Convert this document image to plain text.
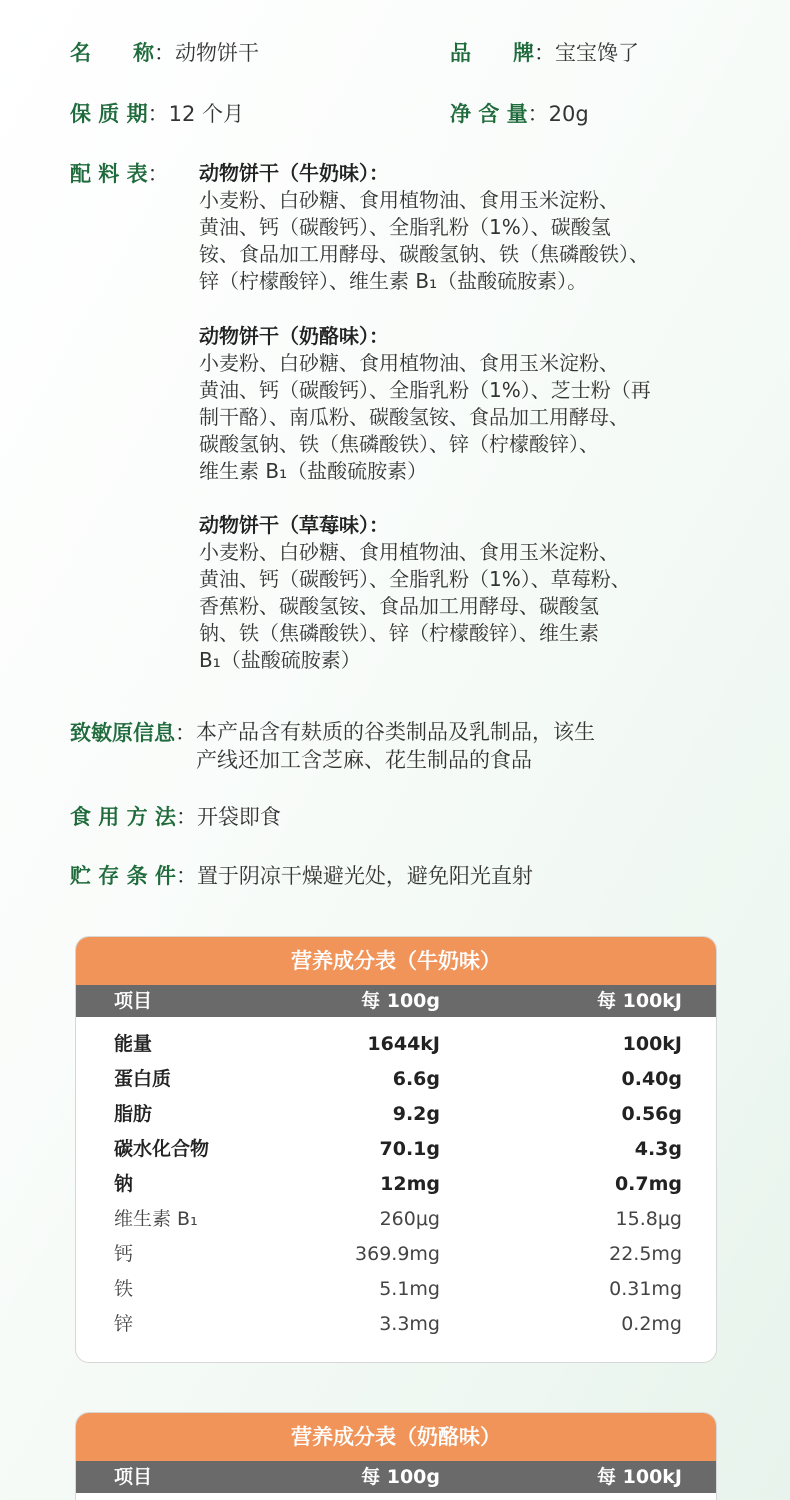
名　　称 ： 动物饼干	品　　牌 ： 宝宝馋了
保 质 期 ： 12 个月	净 含 量 ： 20g
配 料 表 ： 动物饼干（牛奶味）：
小麦粉、白砂糖、食用植物油、食用玉米淀粉、
黄油、钙（碳酸钙）、全脂乳粉（1%）、碳酸氢
铵、食品加工用酵母、碳酸氢钠、铁（焦磷酸铁）、
锌（柠檬酸锌）、维生素 B₁（盐酸硫胺素）。
动物饼干（奶酪味）：
小麦粉、白砂糖、食用植物油、食用玉米淀粉、
黄油、钙（碳酸钙）、全脂乳粉（1%）、芝士粉（再
制干酪）、南瓜粉、碳酸氢铵、食品加工用酵母、
碳酸氢钠、铁（焦磷酸铁）、锌（柠檬酸锌）、
维生素 B₁（盐酸硫胺素）
动物饼干（草莓味）：
小麦粉、白砂糖、食用植物油、食用玉米淀粉、
黄油、钙（碳酸钙）、全脂乳粉（1%）、草莓粉、
香蕉粉、碳酸氢铵、食品加工用酵母、碳酸氢
钠、铁（焦磷酸铁）、锌（柠檬酸锌）、维生素
B₁（盐酸硫胺素）
致敏原信息 ： 本产品含有麸质的谷类制品及乳制品，该生
产线还加工含芝麻、花生制品的食品
食 用 方 法 ： 开袋即食
贮 存 条 件 ： 置于阴凉干燥避光处，避免阳光直射
营养成分表（牛奶味）
项目	每 100g	每 100kJ
能量	1644kJ	100kJ
蛋白质	6.6g	0.40g
脂肪	9.2g	0.56g
碳水化合物	70.1g	4.3g
钠	12mg	0.7mg
维生素 B₁	260μg	15.8μg
钙	369.9mg	22.5mg
铁	5.1mg	0.31mg
锌	3.3mg	0.2mg
营养成分表（奶酪味）
项目	每 100g	每 100kJ
